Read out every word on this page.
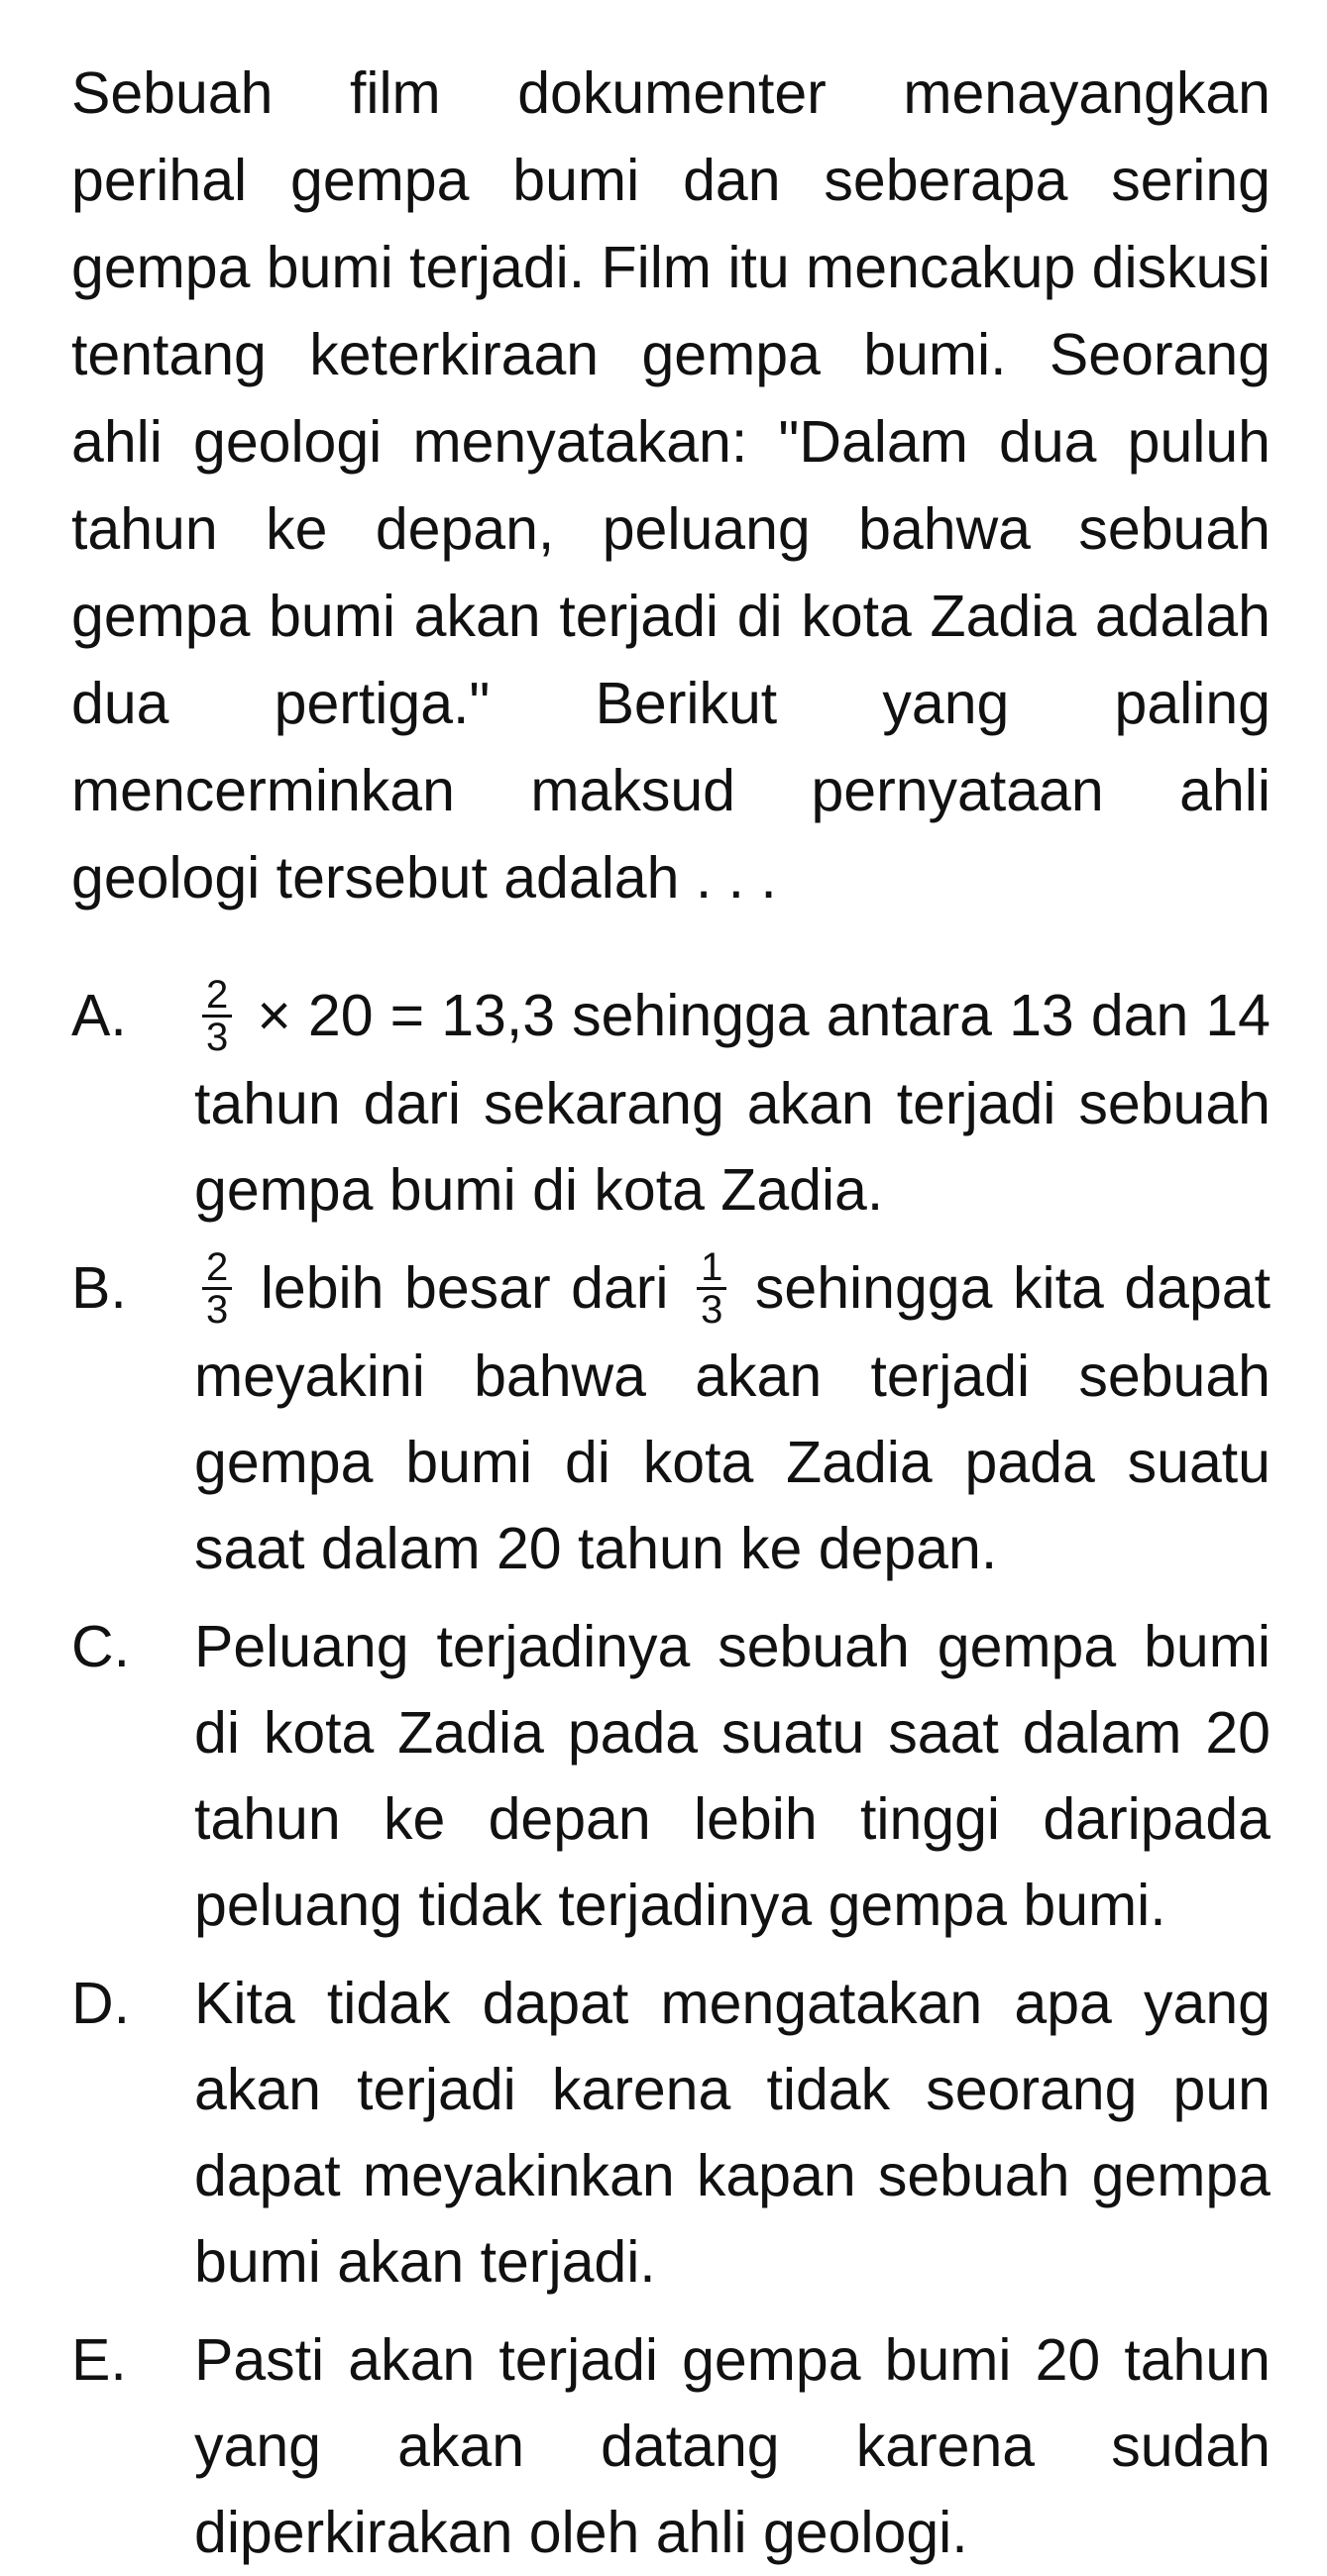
Sebuah film dokumenter menayangkan perihal gempa bumi dan seberapa sering gempa bumi terjadi. Film itu mencakup diskusi tentang keterkiraan gempa bumi. Seorang ahli geologi menyatakan: "Dalam dua puluh tahun ke depan, peluang bahwa sebuah gempa bumi akan terjadi di kota Zadia adalah dua pertiga." Berikut yang paling mencerminkan maksud pernyataan ahli geologi tersebut adalah . . .

A.	$\frac{2}{3} \times 20 = 13,3$ sehingga antara 13 dan 14 tahun dari sekarang akan terjadi sebuah gempa bumi di kota Zadia.
B.	$\frac{2}{3}$ lebih besar dari $\frac{1}{3}$ sehingga kita dapat meyakini bahwa akan terjadi sebuah gempa bumi di kota Zadia pada suatu saat dalam 20 tahun ke depan.
C.	Peluang terjadinya sebuah gempa bumi di kota Zadia pada suatu saat dalam 20 tahun ke depan lebih tinggi daripada peluang tidak terjadinya gempa bumi.
D.	Kita tidak dapat mengatakan apa yang akan terjadi karena tidak seorang pun dapat meyakinkan kapan sebuah gempa bumi akan terjadi.
E.	Pasti akan terjadi gempa bumi 20 tahun yang akan datang karena sudah diperkirakan oleh ahli geologi.
